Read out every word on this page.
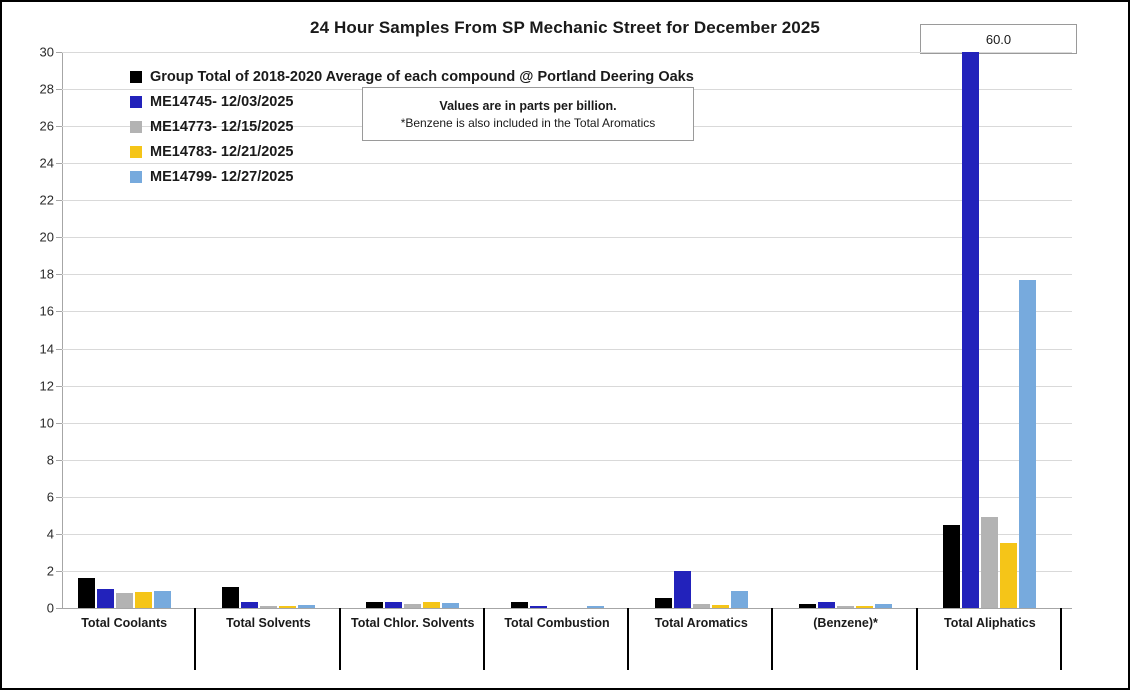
24 Hour Samples From SP Mechanic Street for December 2025
60.0
Group Total of 2018-2020 Average of each compound @ Portland Deering Oaks
ME14745- 12/03/2025
ME14773- 12/15/2025
ME14783- 12/21/2025
ME14799- 12/27/2025
Values are in parts per billion.
*Benzene is also included in the Total Aromatics
0
2
4
6
8
10
12
14
16
18
20
22
24
26
28
30
Total Coolants	Total Solvents	Total Chlor. Solvents	Total Combustion	Total Aromatics	(Benzene)*	Total Aliphatics
